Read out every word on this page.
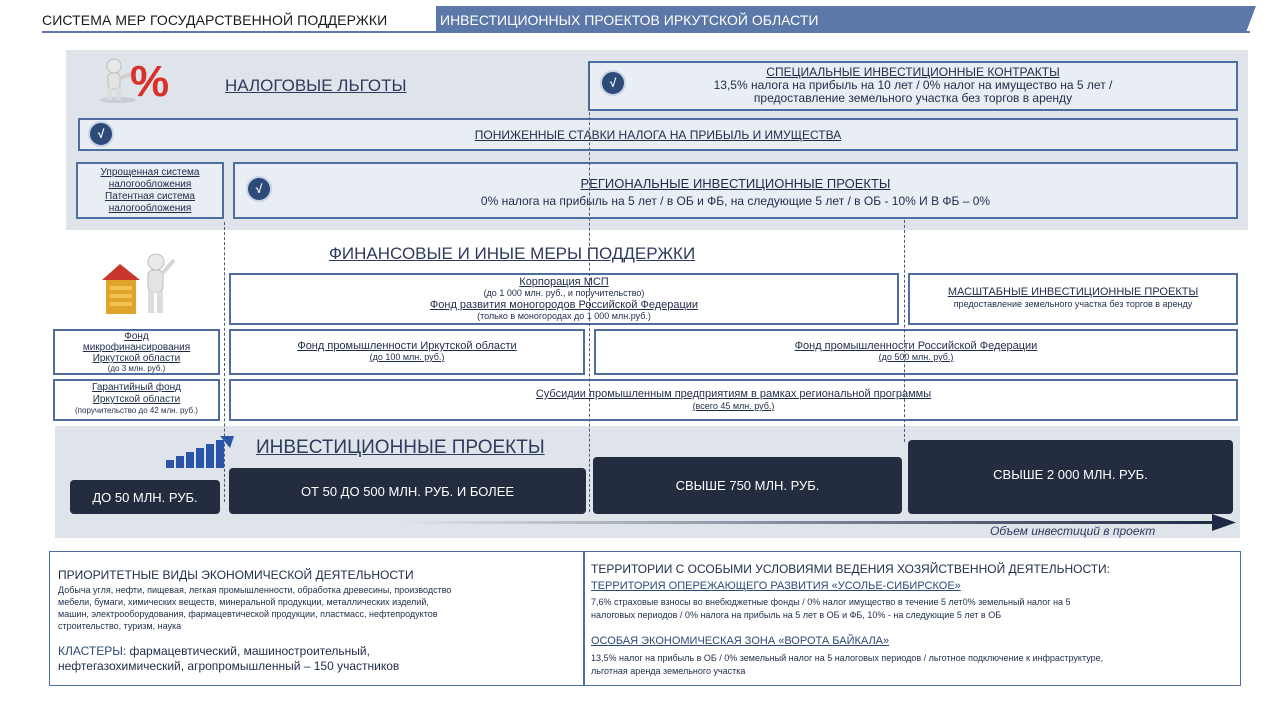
СИСТЕМА МЕР ГОСУДАРСТВЕННОЙ ПОДДЕРЖКИ	ИНВЕСТИЦИОННЫХ ПРОЕКТОВ ИРКУТСКОЙ ОБЛАСТИ
%	НАЛОГОВЫЕ ЛЬГОТЫ
СПЕЦИАЛЬНЫЕ ИНВЕСТИЦИОННЫЕ КОНТРАКТЫ
13,5% налога на прибыль на 10 лет / 0% налог на имущество на 5 лет /
предоставление земельного участка без торгов в аренду
√
ПОНИЖЕННЫЕ СТАВКИ НАЛОГА НА ПРИБЫЛЬ И ИМУЩЕСТВА
√
Упрощенная система
налогообложения
Патентная система
налогообложения
РЕГИОНАЛЬНЫЕ ИНВЕСТИЦИОННЫЕ ПРОЕКТЫ
0% налога на прибыль на 5 лет / в ОБ и ФБ, на следующие 5 лет / в ОБ - 10% И В ФБ – 0%
√
ФИНАНСОВЫЕ И ИНЫЕ МЕРЫ ПОДДЕРЖКИ
Корпорация МСП
(до 1 000 млн. руб., и поручительство)
Фонд развития моногородов Российской Федерации
(только в моногородах до 1 000 млн.руб.)
МАСШТАБНЫЕ ИНВЕСТИЦИОННЫЕ ПРОЕКТЫ
предоставление земельного участка без торгов в аренду
Фонд
микрофинансирования
Иркутской области
(до 3 млн. руб.)
Фонд промышленности Иркутской области
(до 100 млн. руб.)
Фонд промышленности Российской Федерации
(до 500 млн. руб.)
Гарантийный фонд
Иркутской области
(поручительство до 42 млн. руб.)
Субсидии промышленным предприятиям в рамках региональной программы
(всего 45 млн. руб.)
ИНВЕСТИЦИОННЫЕ ПРОЕКТЫ
ДО 50 МЛН. РУБ.	ОТ 50 ДО 500 МЛН. РУБ. И БОЛЕЕ	СВЫШЕ 750 МЛН. РУБ.
СВЫШЕ 2 000 МЛН. РУБ.
Объем инвестиций в проект
ПРИОРИТЕТНЫЕ ВИДЫ ЭКОНОМИЧЕСКОЙ ДЕЯТЕЛЬНОСТИ
Добыча угля, нефти, пищевая, легкая промышленности, обработка древесины, производство
мебели, бумаги, химических веществ, минеральной продукции, металлических изделий,
машин, электрооборудования, фармацевтической продукции, пластмасс, нефтепродуктов
строительство, туризм, наука
КЛАСТЕРЫ: фармацевтический, машиностроительный,
нефтегазохимический, агропромышленный – 150 участников
ТЕРРИТОРИИ С ОСОБЫМИ УСЛОВИЯМИ ВЕДЕНИЯ ХОЗЯЙСТВЕННОЙ ДЕЯТЕЛЬНОСТИ:
ТЕРРИТОРИЯ ОПЕРЕЖАЮЩЕГО РАЗВИТИЯ «УСОЛЬЕ-СИБИРСКОЕ»
7,6% страховые взносы во внебюджетные фонды / 0% налог имущество в течение 5 лет0% земельный налог на 5
налоговых периодов / 0% налога на прибыль на 5 лет в ОБ и ФБ, 10% - на следующие 5 лет в ОБ
ОСОБАЯ ЭКОНОМИЧЕСКАЯ ЗОНА «ВОРОТА БАЙКАЛА»
13,5% налог на прибыль в ОБ / 0% земельный налог на 5 налоговых периодов / льготное подключение к инфраструктуре,
льготная аренда земельного участка
